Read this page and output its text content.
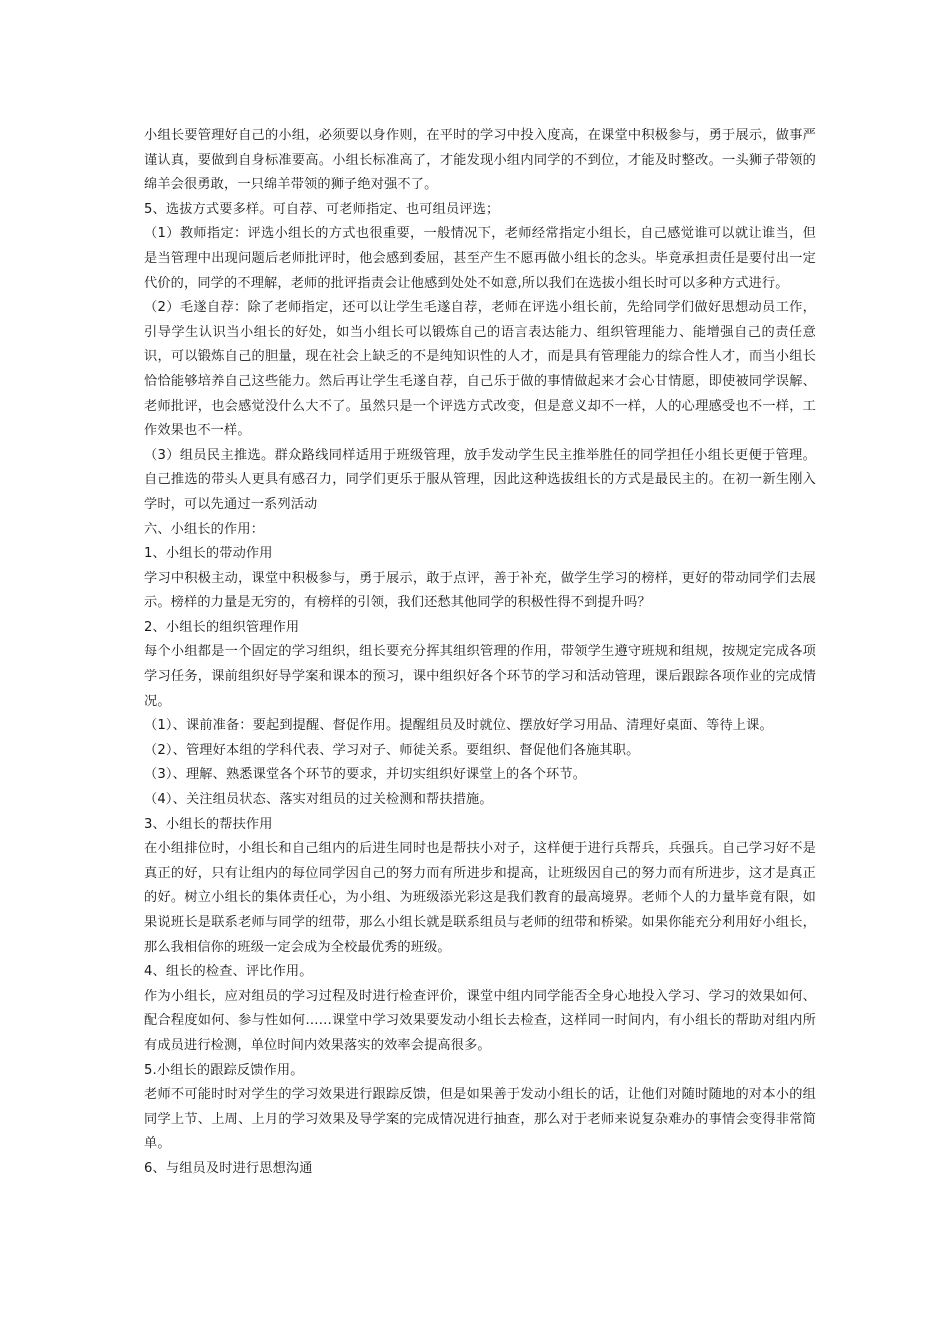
小组长要管理好自己的小组，必须要以身作则，在平时的学习中投入度高，在课堂中积极参与，勇于展示，做事严谨认真，要做到自身标准要高。小组长标准高了，才能发现小组内同学的不到位，才能及时整改。一头狮子带领的绵羊会很勇敢，一只绵羊带领的狮子绝对强不了。

5、选拔方式要多样。可自荐、可老师指定、也可组员评选；

（1）教师指定：评选小组长的方式也很重要，一般情况下，老师经常指定小组长，自己感觉谁可以就让谁当，但是当管理中出现问题后老师批评时，他会感到委屈，甚至产生不愿再做小组长的念头。毕竟承担责任是要付出一定代价的，同学的不理解，老师的批评指责会让他感到处处不如意,所以我们在选拔小组长时可以多种方式进行。

（2）毛遂自荐：除了老师指定，还可以让学生毛遂自荐，老师在评选小组长前，先给同学们做好思想动员工作，引导学生认识当小组长的好处，如当小组长可以锻炼自己的语言表达能力、组织管理能力、能增强自己的责任意识，可以锻炼自己的胆量，现在社会上缺乏的不是纯知识性的人才，而是具有管理能力的综合性人才，而当小组长恰恰能够培养自己这些能力。然后再让学生毛遂自荐，自己乐于做的事情做起来才会心甘情愿，即使被同学误解、老师批评，也会感觉没什么大不了。虽然只是一个评选方式改变，但是意义却不一样，人的心理感受也不一样，工作效果也不一样。

（3）组员民主推选。群众路线同样适用于班级管理，放手发动学生民主推举胜任的同学担任小组长更便于管理。自己推选的带头人更具有感召力，同学们更乐于服从管理，因此这种选拔组长的方式是最民主的。在初一新生刚入学时，可以先通过一系列活动

六、小组长的作用：

1、小组长的带动作用

学习中积极主动，课堂中积极参与，勇于展示，敢于点评，善于补充，做学生学习的榜样，更好的带动同学们去展示。榜样的力量是无穷的，有榜样的引领，我们还愁其他同学的积极性得不到提升吗？

2、小组长的组织管理作用

每个小组都是一个固定的学习组织，组长要充分挥其组织管理的作用，带领学生遵守班规和组规，按规定完成各项学习任务，课前组织好导学案和课本的预习，课中组织好各个环节的学习和活动管理，课后跟踪各项作业的完成情况。

（1）、课前准备：要起到提醒、督促作用。提醒组员及时就位、摆放好学习用品、清理好桌面、等待上课。

（2）、管理好本组的学科代表、学习对子、师徒关系。要组织、督促他们各施其职。

（3）、理解、熟悉课堂各个环节的要求，并切实组织好课堂上的各个环节。

（4）、关注组员状态、落实对组员的过关检测和帮扶措施。

3、小组长的帮扶作用

在小组排位时，小组长和自己组内的后进生同时也是帮扶小对子，这样便于进行兵帮兵，兵强兵。自己学习好不是真正的好，只有让组内的每位同学因自己的努力而有所进步和提高，让班级因自己的努力而有所进步，这才是真正的好。树立小组长的集体责任心，为小组、为班级添光彩这是我们教育的最高境界。老师个人的力量毕竟有限，如果说班长是联系老师与同学的纽带，那么小组长就是联系组员与老师的纽带和桥梁。如果你能充分利用好小组长，那么我相信你的班级一定会成为全校最优秀的班级。

4、组长的检查、评比作用。

作为小组长，应对组员的学习过程及时进行检查评价，课堂中组内同学能否全身心地投入学习、学习的效果如何、配合程度如何、参与性如何……课堂中学习效果要发动小组长去检查，这样同一时间内，有小组长的帮助对组内所有成员进行检测，单位时间内效果落实的效率会提高很多。

5.小组长的跟踪反馈作用。

老师不可能时时对学生的学习效果进行跟踪反馈，但是如果善于发动小组长的话，让他们对随时随地的对本小的组同学上节、上周、上月的学习效果及导学案的完成情况进行抽查，那么对于老师来说复杂难办的事情会变得非常简单。

6、与组员及时进行思想沟通
